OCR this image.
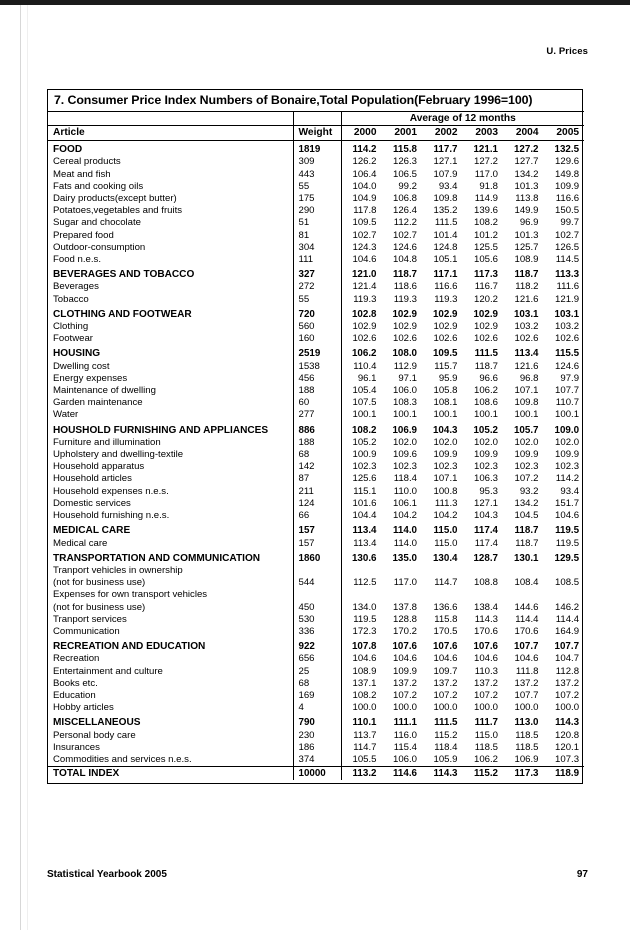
U. Prices
7. Consumer Price Index Numbers of Bonaire,Total Population(February 1996=100)							
		Average of 12 months					
Article	Weight	2000	2001	2002	2003	2004	2005
FOOD	1819	114.2	115.8	117.7	121.1	127.2	132.5
Cereal products	309	126.2	126.3	127.1	127.2	127.7	129.6
Meat and fish	443	106.4	106.5	107.9	117.0	134.2	149.8
Fats and cooking oils	55	104.0	99.2	93.4	91.8	101.3	109.9
Dairy products(except butter)	175	104.9	106.8	109.8	114.9	113.8	116.6
Potatoes,vegetables and fruits	290	117.8	126.4	135.2	139.6	149.9	150.5
Sugar and chocolate	51	109.5	112.2	111.5	108.2	96.9	99.7
Prepared food	81	102.7	102.7	101.4	101.2	101.3	102.7
Outdoor-consumption	304	124.3	124.6	124.8	125.5	125.7	126.5
Food n.e.s.	111	104.6	104.8	105.1	105.6	108.9	114.5
BEVERAGES AND TOBACCO	327	121.0	118.7	117.1	117.3	118.7	113.3
Beverages	272	121.4	118.6	116.6	116.7	118.2	111.6
Tobacco	55	119.3	119.3	119.3	120.2	121.6	121.9
CLOTHING AND FOOTWEAR	720	102.8	102.9	102.9	102.9	103.1	103.1
Clothing	560	102.9	102.9	102.9	102.9	103.2	103.2
Footwear	160	102.6	102.6	102.6	102.6	102.6	102.6
HOUSING	2519	106.2	108.0	109.5	111.5	113.4	115.5
Dwelling cost	1538	110.4	112.9	115.7	118.7	121.6	124.6
Energy expenses	456	96.1	97.1	95.9	96.6	96.8	97.9
Maintenance of dwelling	188	105.4	106.0	105.8	106.2	107.1	107.7
Garden maintenance	60	107.5	108.3	108.1	108.6	109.8	110.7
Water	277	100.1	100.1	100.1	100.1	100.1	100.1
HOUSHOLD FURNISHING AND APPLIANCES	886	108.2	106.9	104.3	105.2	105.7	109.0
Furniture and illumination	188	105.2	102.0	102.0	102.0	102.0	102.0
Upholstery and dwelling-textile	68	100.9	109.6	109.9	109.9	109.9	109.9
Household apparatus	142	102.3	102.3	102.3	102.3	102.3	102.3
Household articles	87	125.6	118.4	107.1	106.3	107.2	114.2
Household expenses n.e.s.	211	115.1	110.0	100.8	95.3	93.2	93.4
Domestic services	124	101.6	106.1	111.3	127.1	134.2	151.7
Household furnishing n.e.s.	66	104.4	104.2	104.2	104.3	104.5	104.6
MEDICAL CARE	157	113.4	114.0	115.0	117.4	118.7	119.5
Medical care	157	113.4	114.0	115.0	117.4	118.7	119.5
TRANSPORTATION AND COMMUNICATION	1860	130.6	135.0	130.4	128.7	130.1	129.5
Tranport vehicles in ownership							
(not for business use)	544	112.5	117.0	114.7	108.8	108.4	108.5
Expenses for own transport vehicles							
(not for business use)	450	134.0	137.8	136.6	138.4	144.6	146.2
Tranport services	530	119.5	128.8	115.8	114.3	114.4	114.4
Communication	336	172.3	170.2	170.5	170.6	170.6	164.9
RECREATION AND EDUCATION	922	107.8	107.6	107.6	107.6	107.7	107.7
Recreation	656	104.6	104.6	104.6	104.6	104.6	104.7
Entertainment and culture	25	108.9	109.9	109.7	110.3	111.8	112.8
Books etc.	68	137.1	137.2	137.2	137.2	137.2	137.2
Education	169	108.2	107.2	107.2	107.2	107.7	107.2
Hobby articles	4	100.0	100.0	100.0	100.0	100.0	100.0
MISCELLANEOUS	790	110.1	111.1	111.5	111.7	113.0	114.3
Personal body care	230	113.7	116.0	115.2	115.0	118.5	120.8
Insurances	186	114.7	115.4	118.4	118.5	118.5	120.1
Commodities and services n.e.s.	374	105.5	106.0	105.9	106.2	106.9	107.3
TOTAL INDEX	10000	113.2	114.6	114.3	115.2	117.3	118.9

Statistical Yearbook 2005	97
